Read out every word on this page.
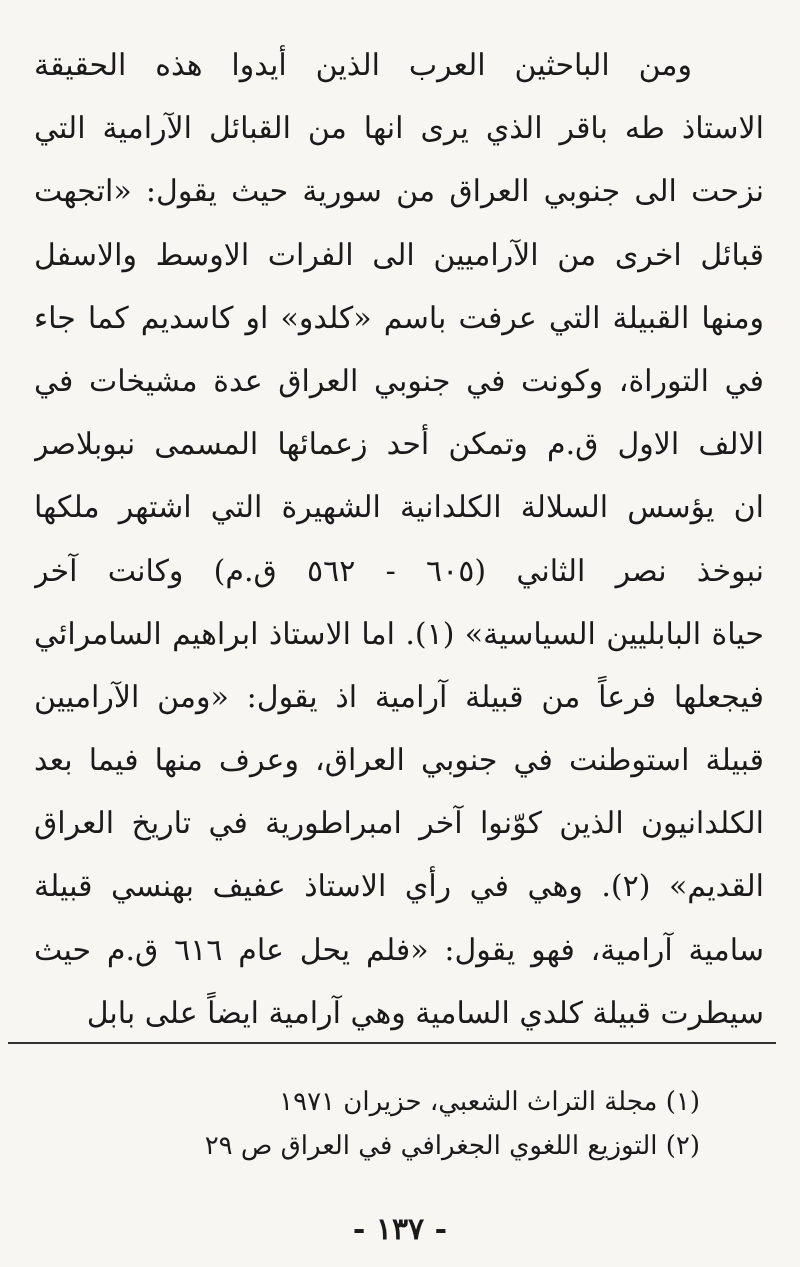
ومن الباحثين العرب الذين أيدوا هذه الحقيقة
الاستاذ طه باقر الذي يرى انها من القبائل الآرامية التي
نزحت الى جنوبي العراق من سورية حيث يقول: «اتجهت
قبائل اخرى من الآراميين الى الفرات الاوسط والاسفل
ومنها القبيلة التي عرفت باسم «كلدو» او كاسديم كما جاء
في التوراة، وكونت في جنوبي العراق عدة مشيخات في
الالف الاول ق.م وتمكن أحد زعمائها المسمى نبوبلاصر
ان يؤسس السلالة الكلدانية الشهيرة التي اشتهر ملكها
نبوخذ نصر الثاني (٦٠٥ - ٥٦٢ ق.م) وكانت آخر
حياة البابليين السياسية» (١). اما الاستاذ ابراهيم السامرائي
فيجعلها فرعاً من قبيلة آرامية اذ يقول: «ومن الآراميين
قبيلة استوطنت في جنوبي العراق، وعرف منها فيما بعد
الكلدانيون الذين كوّنوا آخر امبراطورية في تاريخ العراق
القديم» (٢). وهي في رأي الاستاذ عفيف بهنسي قبيلة
سامية آرامية، فهو يقول: «فلم يحل عام ٦١٦ ق.م حيث
سيطرت قبيلة كلدي السامية وهي آرامية ايضاً على بابل
(١) مجلة التراث الشعبي، حزيران ١٩٧١
(٢) التوزيع اللغوي الجغرافي في العراق ص ٢٩
- ١٣٧ -
